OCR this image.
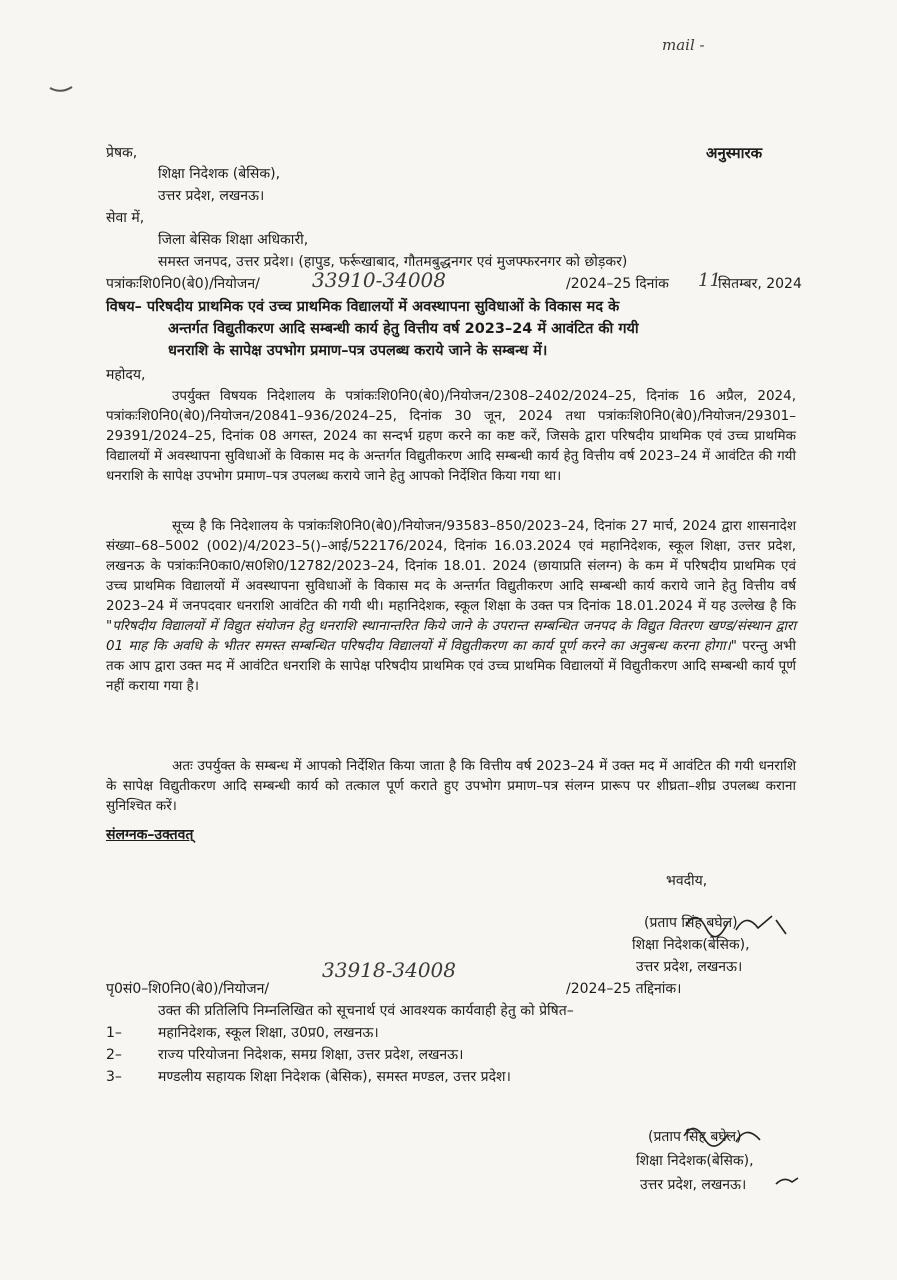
mail -
अनुस्मारक
प्रेषक,
शिक्षा निदेशक (बेसिक),
उत्तर प्रदेश, लखनऊ।
सेवा में,
जिला बेसिक शिक्षा अधिकारी,
समस्त जनपद, उत्तर प्रदेश। (हापुड, फर्रूखाबाद, गौतमबुद्धनगर एवं मुजफ्फरनगर को छोड़कर)
पत्रांकःशि0नि0(बे0)/नियोजन/	33910-34008	/2024–25 दिनांक 11
सितम्बर, 2024
विषय– परिषदीय प्राथमिक एवं उच्च प्राथमिक विद्यालयों में अवस्थापना सुविधाओं के विकास मद के
अन्तर्गत विद्युतीकरण आदि सम्बन्धी कार्य हेतु वित्तीय वर्ष 2023–24 में आवंटित की गयी
धनराशि के सापेक्ष उपभोग प्रमाण–पत्र उपलब्ध कराये जाने के सम्बन्ध में।
महोदय,
उपर्युक्त विषयक निदेशालय के पत्रांकःशि0नि0(बे0)/नियोजन/2308–2402/2024–25, दिनांक 16 अप्रैल, 2024, पत्रांकःशि0नि0(बे0)/नियोजन/20841–936/2024–25, दिनांक 30 जून, 2024 तथा पत्रांकःशि0नि0(बे0)/नियोजन/29301–29391/2024–25, दिनांक 08 अगस्त, 2024 का सन्दर्भ ग्रहण करने का कष्ट करें, जिसके द्वारा परिषदीय प्राथमिक एवं उच्च प्राथमिक विद्यालयों में अवस्थापना सुविधाओं के विकास मद के अन्तर्गत विद्युतीकरण आदि सम्बन्धी कार्य हेतु वित्तीय वर्ष 2023–24 में आवंटित की गयी धनराशि के सापेक्ष उपभोग प्रमाण–पत्र उपलब्ध कराये जाने हेतु आपको निर्देशित किया गया था।
सूच्य है कि निदेशालय के पत्रांकःशि0नि0(बे0)/नियोजन/93583–850/2023–24, दिनांक 27 मार्च, 2024 द्वारा शासनादेश संख्या–68–5002 (002)/4/2023–5()–आई/522176/2024, दिनांक 16.03.2024 एवं महानिदेशक, स्कूल शिक्षा, उत्तर प्रदेश, लखनऊ के पत्रांकःनि0का0/स0शि0/12782/2023–24, दिनांक 18.01. 2024 (छायाप्रति संलग्न) के कम में परिषदीय प्राथमिक एवं उच्च प्राथमिक विद्यालयों में अवस्थापना सुविधाओं के विकास मद के अन्तर्गत विद्युतीकरण आदि सम्बन्धी कार्य कराये जाने हेतु वित्तीय वर्ष 2023–24 में जनपदवार धनराशि आवंटित की गयी थी। महानिदेशक, स्कूल शिक्षा के उक्त पत्र दिनांक 18.01.2024 में यह उल्लेख है कि "परिषदीय विद्यालयों में विद्युत संयोजन हेतु धनराशि स्थानान्तरित किये जाने के उपरान्त सम्बन्धित जनपद के विद्युत वितरण खण्ड/संस्थान द्वारा 01 माह कि अवधि के भीतर समस्त सम्बन्धित परिषदीय विद्यालयों में विद्युतीकरण का कार्य पूर्ण करने का अनुबन्ध करना होगा।" परन्तु अभी तक आप द्वारा उक्त मद में आवंटित धनराशि के सापेक्ष परिषदीय प्राथमिक एवं उच्च प्राथमिक विद्यालयों में विद्युतीकरण आदि सम्बन्धी कार्य पूर्ण नहीं कराया गया है।
अतः उपर्युक्त के सम्बन्ध में आपको निर्देशित किया जाता है कि वित्तीय वर्ष 2023–24 में उक्त मद में आवंटित की गयी धनराशि के सापेक्ष विद्युतीकरण आदि सम्बन्धी कार्य को तत्काल पूर्ण कराते हुए उपभोग प्रमाण–पत्र संलग्न प्रारूप पर शीघ्रता–शीघ्र उपलब्ध कराना सुनिश्चित करें।
संलग्नक–उक्तवत्
भवदीय,
(प्रताप सिंह बघेल)
शिक्षा निदेशक(बेसिक),
उत्तर प्रदेश, लखनऊ।
पृ0सं0–शि0नि0(बे0)/नियोजन/
33918-34008
/2024–25 तद्दिनांक।
उक्त की प्रतिलिपि निम्नलिखित को सूचनार्थ एवं आवश्यक कार्यवाही हेतु को प्रेषित–
1–	महानिदेशक, स्कूल शिक्षा, उ0प्र0, लखनऊ।
2–	राज्य परियोजना निदेशक, समग्र शिक्षा, उत्तर प्रदेश, लखनऊ।
3–	मण्डलीय सहायक शिक्षा निदेशक (बेसिक), समस्त मण्डल, उत्तर प्रदेश।
(प्रताप सिंह बघेल)
शिक्षा निदेशक(बेसिक),
उत्तर प्रदेश, लखनऊ।
